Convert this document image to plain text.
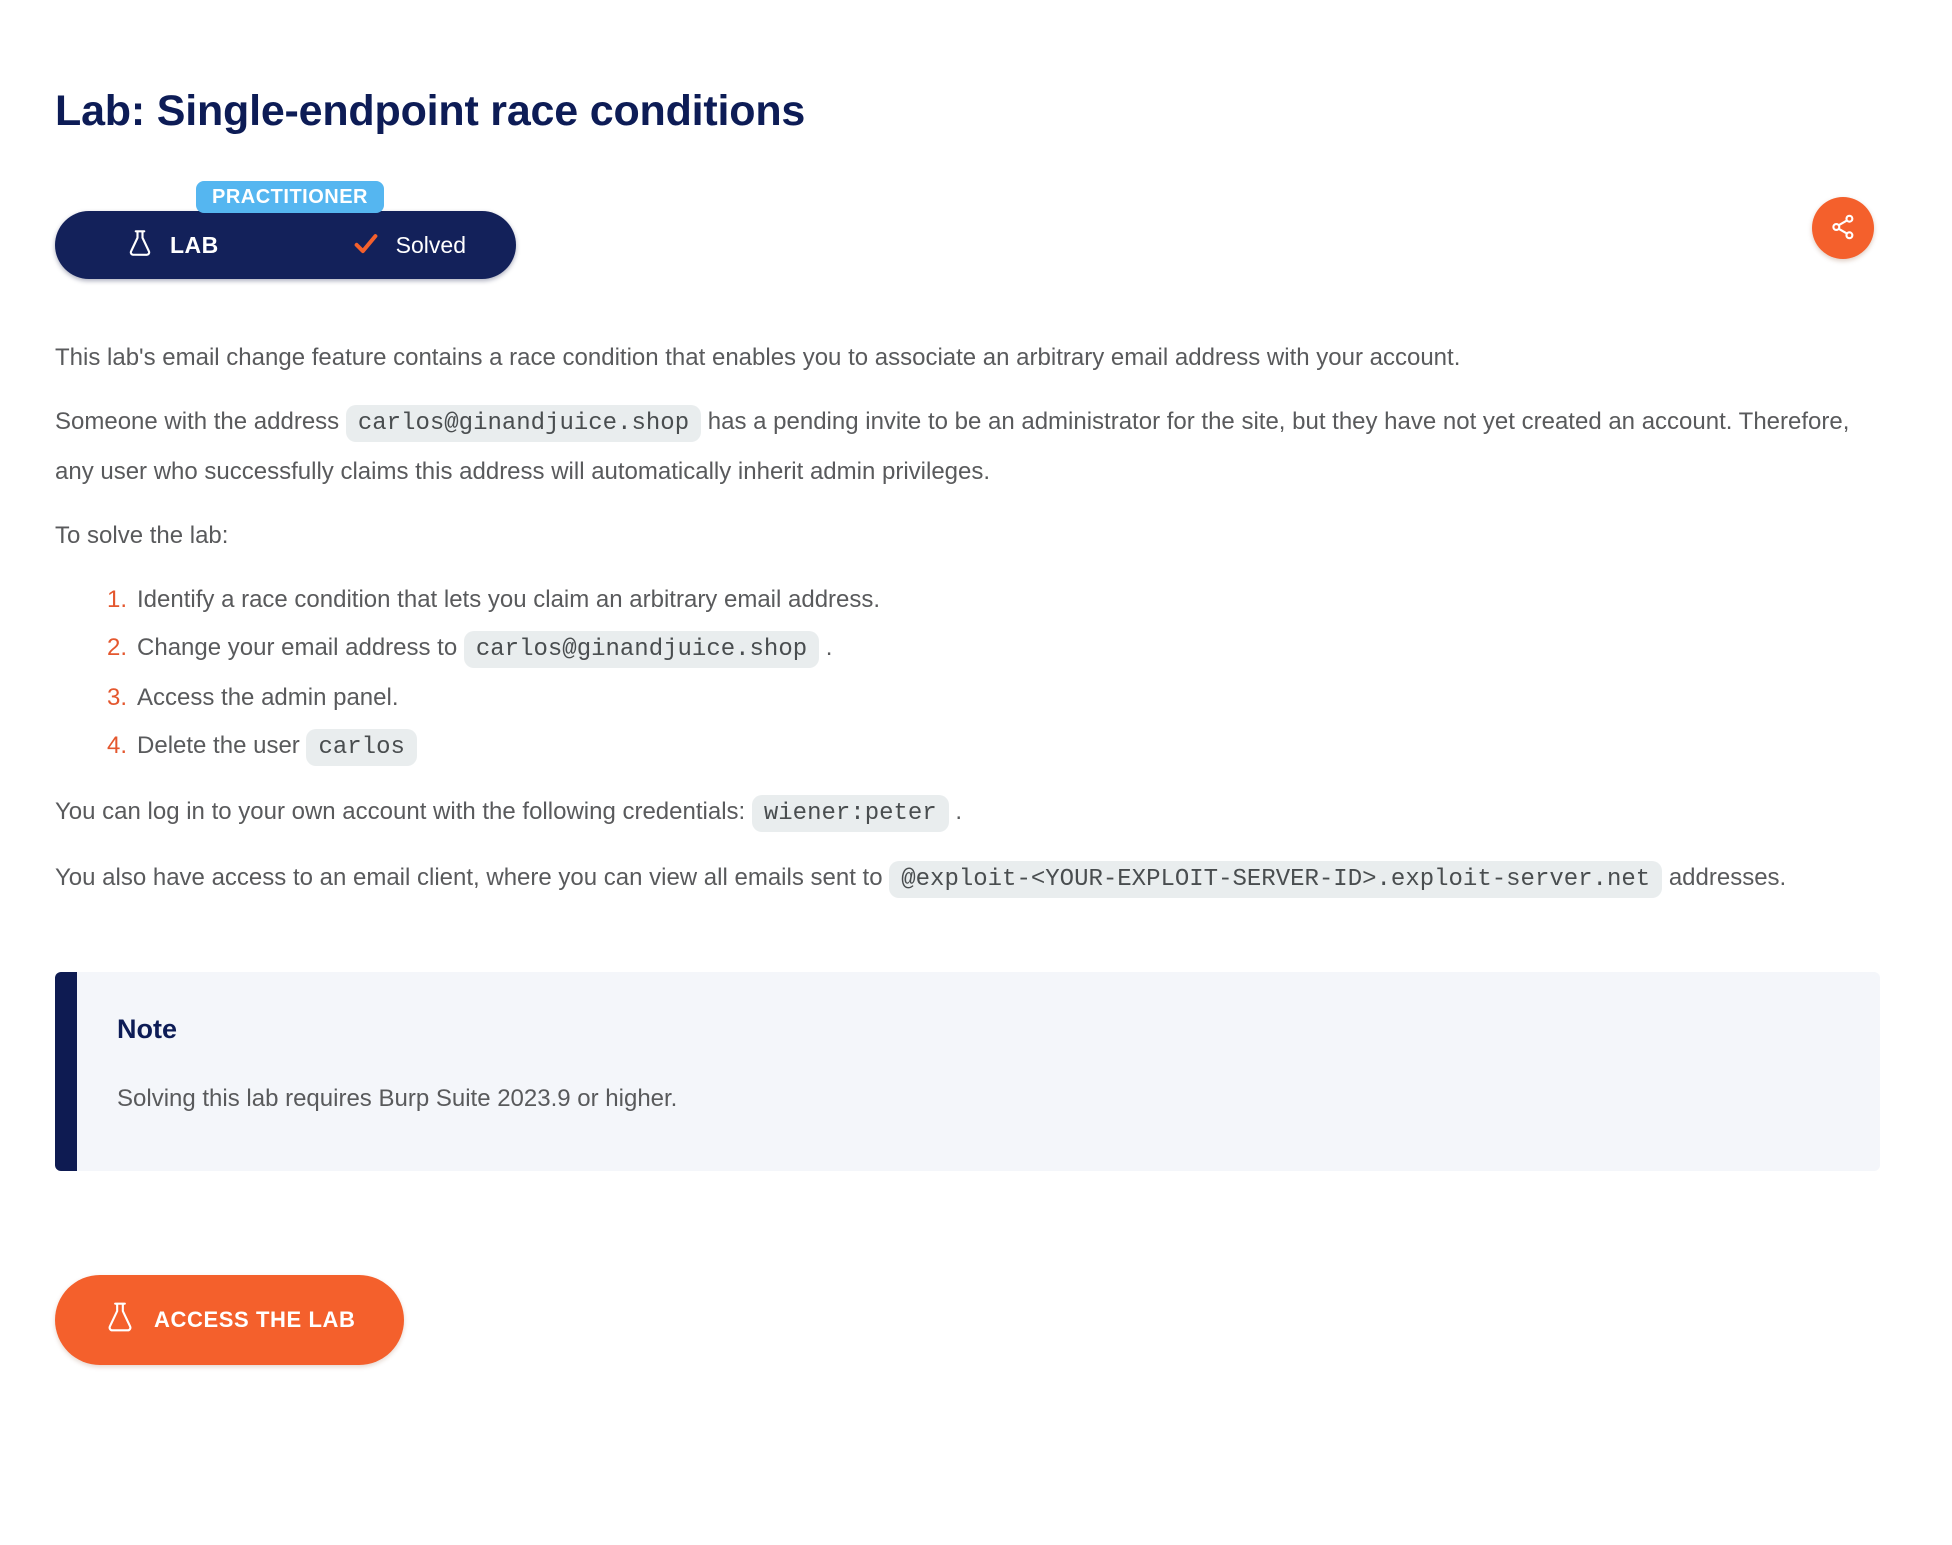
Lab: Single-endpoint race conditions
PRACTITIONER
LAB	Solved

This lab's email change feature contains a race condition that enables you to associate an arbitrary email address with your account.

Someone with the address carlos@ginandjuice.shop has a pending invite to be an administrator for the site, but they have not yet created an account. Therefore, any user who successfully claims this address will automatically inherit admin privileges.

To solve the lab:

1. Identify a race condition that lets you claim an arbitrary email address.
2. Change your email address to carlos@ginandjuice.shop .
3. Access the admin panel.
4. Delete the user carlos

You can log in to your own account with the following credentials: wiener:peter .

You also have access to an email client, where you can view all emails sent to @exploit-<YOUR-EXPLOIT-SERVER-ID>.exploit-server.net addresses.

Note

Solving this lab requires Burp Suite 2023.9 or higher.

ACCESS THE LAB
